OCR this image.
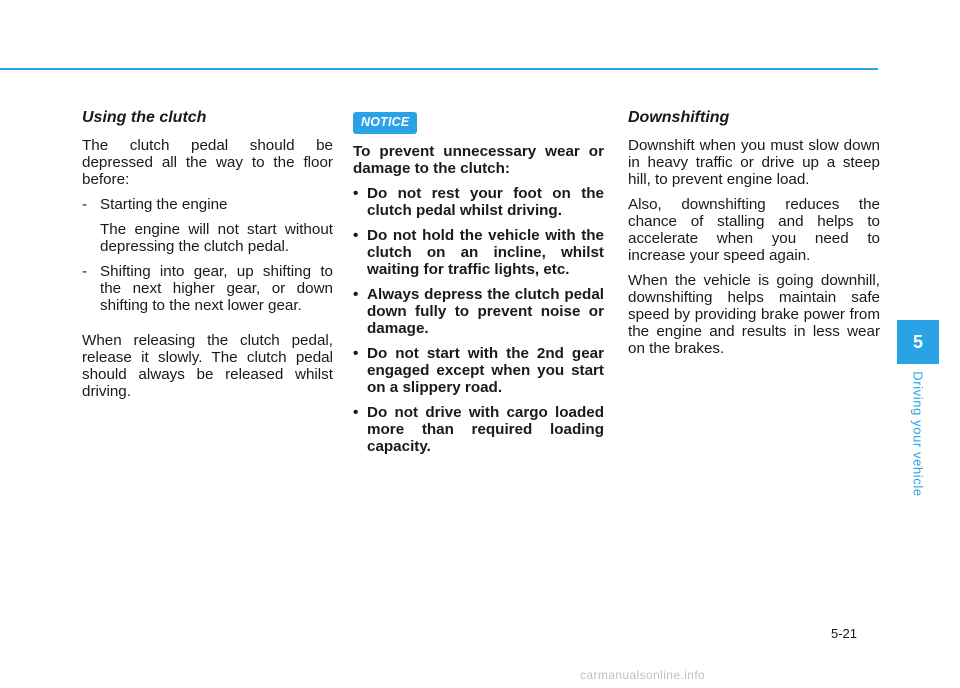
Using the clutch

The clutch pedal should be depressed all the way to the floor before:

- Starting the engine
The engine will not start without depressing the clutch pedal.
- Shifting into gear, up shifting to the next higher gear, or down shifting to the next lower gear.

When releasing the clutch pedal, release it slowly. The clutch pedal should always be released whilst driving.

NOTICE

To prevent unnecessary wear or damage to the clutch:

• Do not rest your foot on the clutch pedal whilst driving.
• Do not hold the vehicle with the clutch on an incline, whilst waiting for traffic lights, etc.
• Always depress the clutch pedal down fully to prevent noise or damage.
• Do not start with the 2nd gear engaged except when you start on a slippery road.
• Do not drive with cargo loaded more than required loading capacity.
Downshifting

Downshift when you must slow down in heavy traffic or drive up a steep hill, to prevent engine load.

Also, downshifting reduces the chance of stalling and helps to accelerate when you need to increase your speed again.

When the vehicle is going downhill, downshifting helps maintain safe speed by providing brake power from the engine and results in less wear on the brakes.	5
Driving your vehicle
5-21
carmanualsonline.info
